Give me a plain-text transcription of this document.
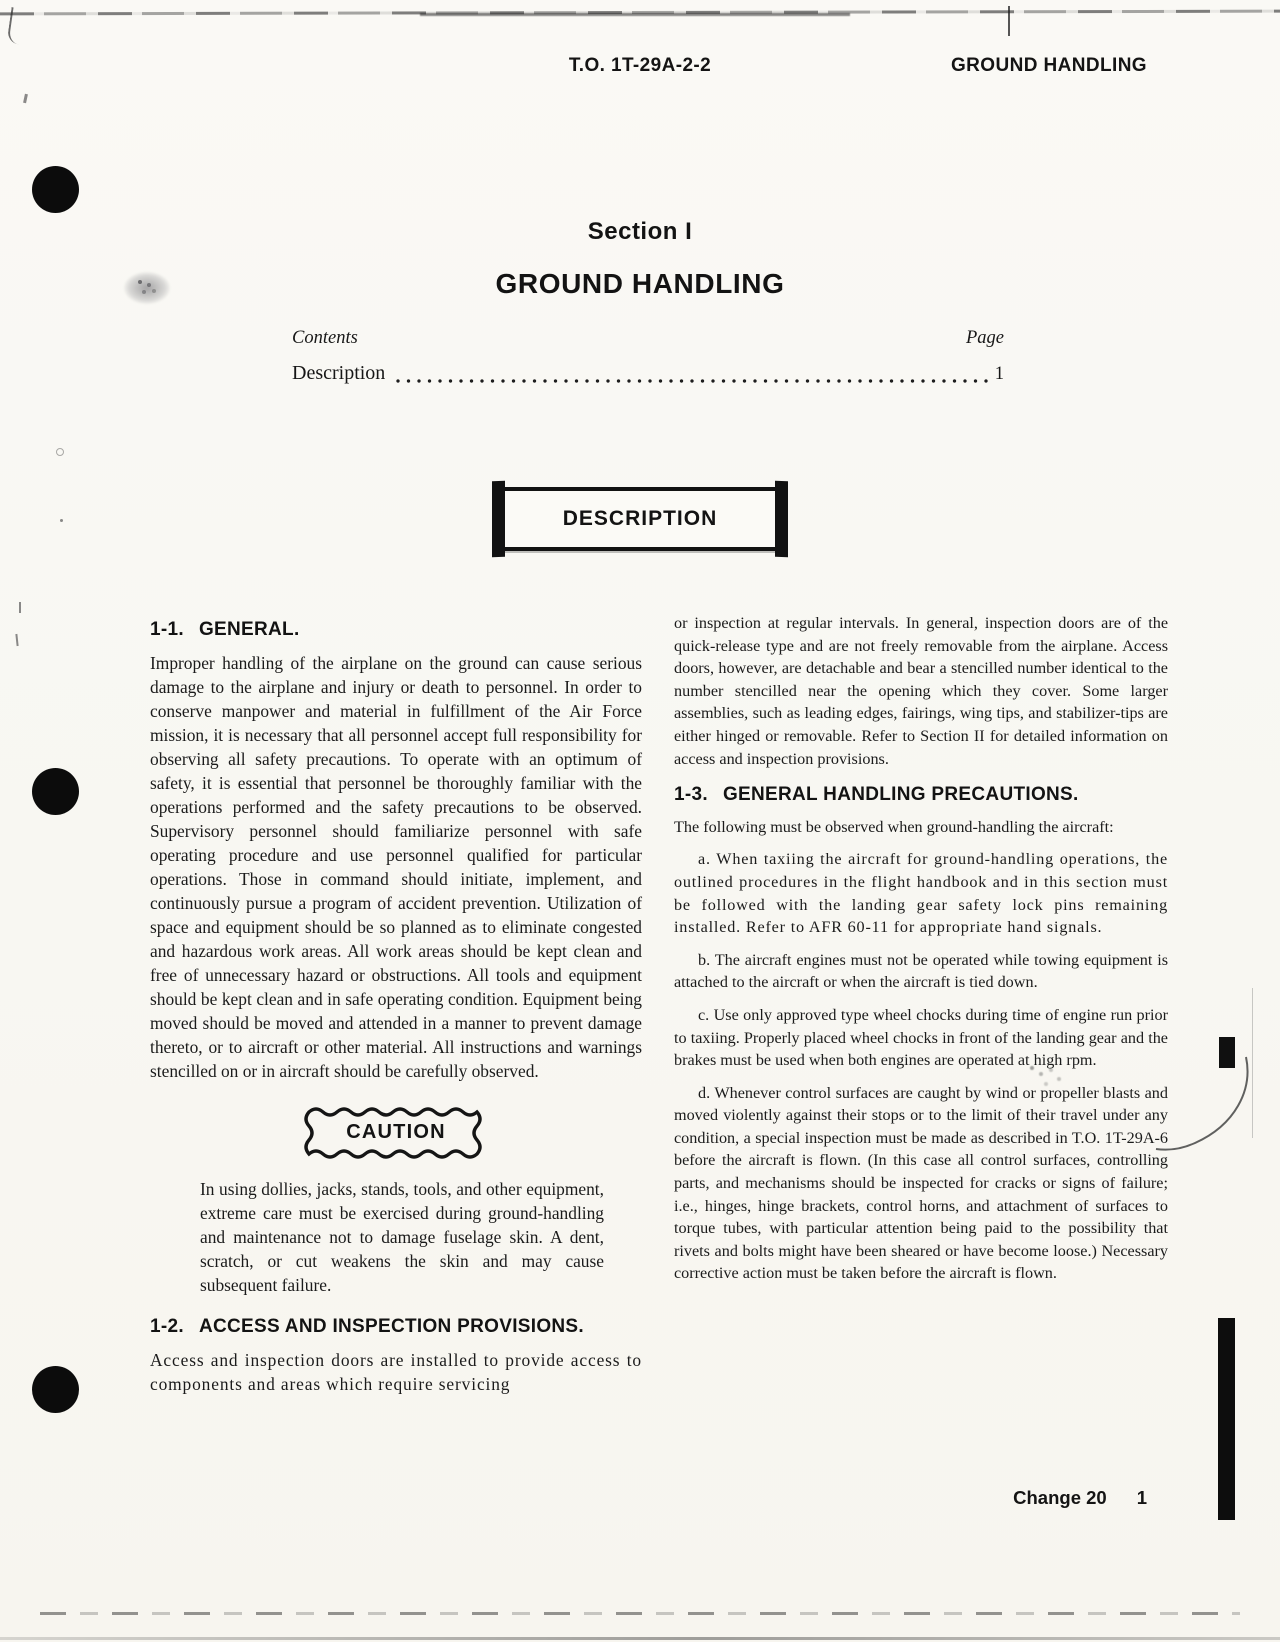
T.O. 1T-29A-2-2	GROUND HANDLING
Section I
GROUND HANDLING
Contents	Page
Description	1
DESCRIPTION
1-1. GENERAL.

Improper handling of the airplane on the ground can cause serious damage to the airplane and injury or death to personnel. In order to conserve manpower and material in fulfillment of the Air Force mission, it is necessary that all personnel accept full responsibility for observing all safety precautions. To operate with an optimum of safety, it is essential that personnel be thoroughly familiar with the operations performed and the safety precautions to be observed. Supervisory personnel should familiarize personnel with safe operating procedure and use personnel qualified for particular operations. Those in command should initiate, implement, and continuously pursue a program of accident prevention. Utilization of space and equipment should be so planned as to eliminate congested and hazardous work areas. All work areas should be kept clean and free of unnecessary hazard or obstructions. All tools and equipment should be kept clean and in safe operating condition. Equipment being moved should be moved and attended in a manner to prevent damage thereto, or to aircraft or other material. All instructions and warnings stencilled on or in aircraft should be carefully observed.

CAUTION

In using dollies, jacks, stands, tools, and other equipment, extreme care must be exercised during ground-handling and maintenance not to damage fuselage skin. A dent, scratch, or cut weakens the skin and may cause subsequent failure.

1-2. ACCESS AND INSPECTION PROVISIONS.

Access and inspection doors are installed to provide access to components and areas which require servicing

or inspection at regular intervals. In general, inspection doors are of the quick-release type and are not freely removable from the airplane. Access doors, however, are detachable and bear a stencilled number identical to the number stencilled near the opening which they cover. Some larger assemblies, such as leading edges, fairings, wing tips, and stabilizer-tips are either hinged or removable. Refer to Section II for detailed information on access and inspection provisions.

1-3. GENERAL HANDLING PRECAUTIONS.

The following must be observed when ground-handling the aircraft:

a. When taxiing the aircraft for ground-handling operations, the outlined procedures in the flight handbook and in this section must be followed with the landing gear safety lock pins remaining installed. Refer to AFR 60-11 for appropriate hand signals.

b. The aircraft engines must not be operated while towing equipment is attached to the aircraft or when the aircraft is tied down.

c. Use only approved type wheel chocks during time of engine run prior to taxiing. Properly placed wheel chocks in front of the landing gear and the brakes must be used when both engines are operated at high rpm.

d. Whenever control surfaces are caught by wind or propeller blasts and moved violently against their stops or to the limit of their travel under any condition, a special inspection must be made as described in T.O. 1T-29A-6 before the aircraft is flown. (In this case all control surfaces, controlling parts, and mechanisms should be inspected for cracks or signs of failure; i.e., hinges, hinge brackets, control horns, and attachment of surfaces to torque tubes, with particular attention being paid to the possibility that rivets and bolts might have been sheared or have become loose.) Necessary corrective action must be taken before the aircraft is flown.

Change 20 1
